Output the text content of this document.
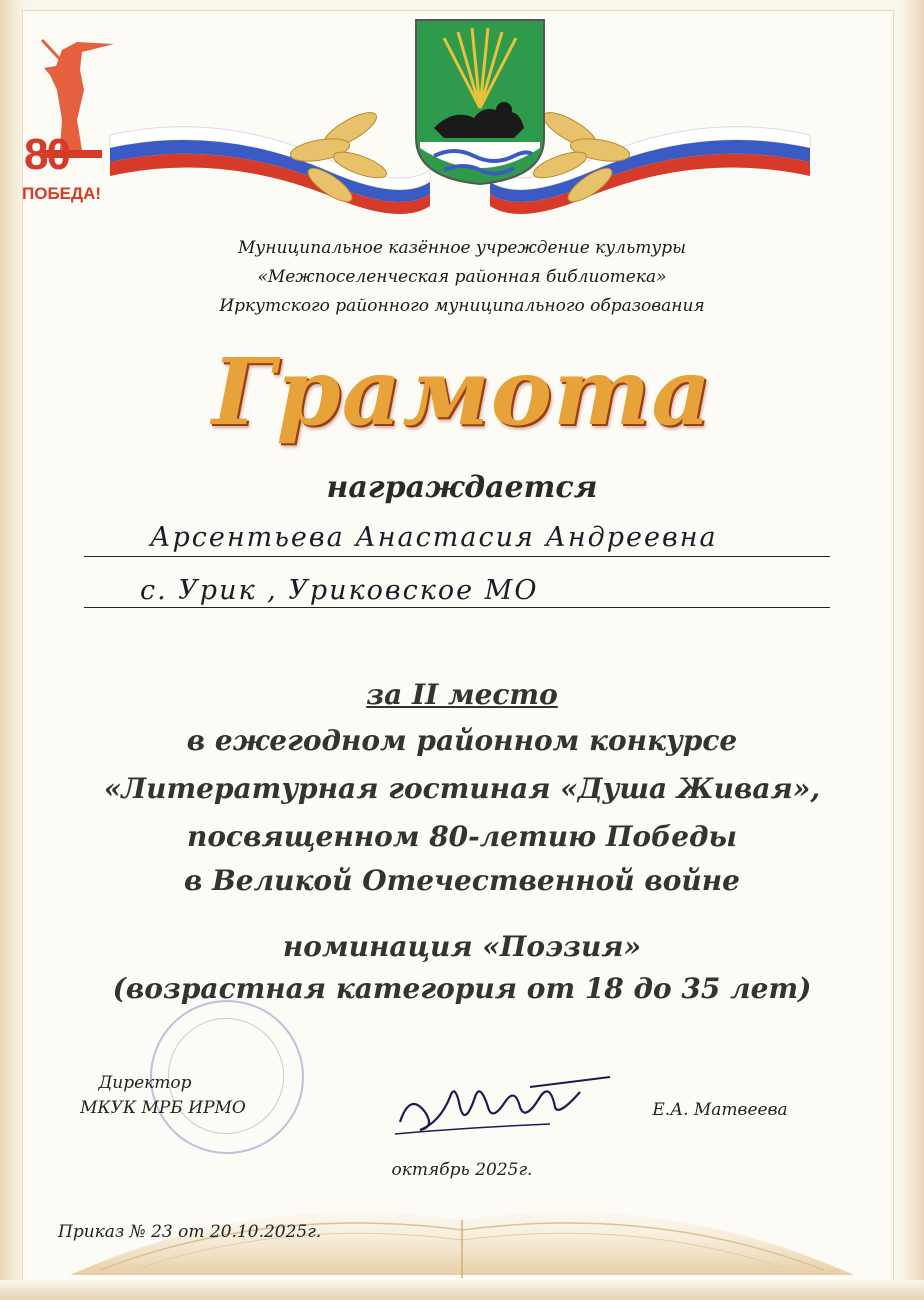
80
ПОБЕДА!
Муниципальное казённое учреждение культуры
«Межпоселенческая районная библиотека»
Иркутского районного муниципального образования
Грамота
награждается
Арсентьева Анастасия Андреевна
с. Урик , Уриковское МО
за II место
в ежегодном районном конкурсе
«Литературная гостиная «Душа Живая»,
посвященном 80-летию Победы
в Великой Отечественной войне
номинация «Поэзия»
(возрастная категория от 18 до 35 лет)
Директор
МКУК МРБ ИРМО	Е.А. Матвеева
октябрь 2025г.
Приказ № 23 от 20.10.2025г.
